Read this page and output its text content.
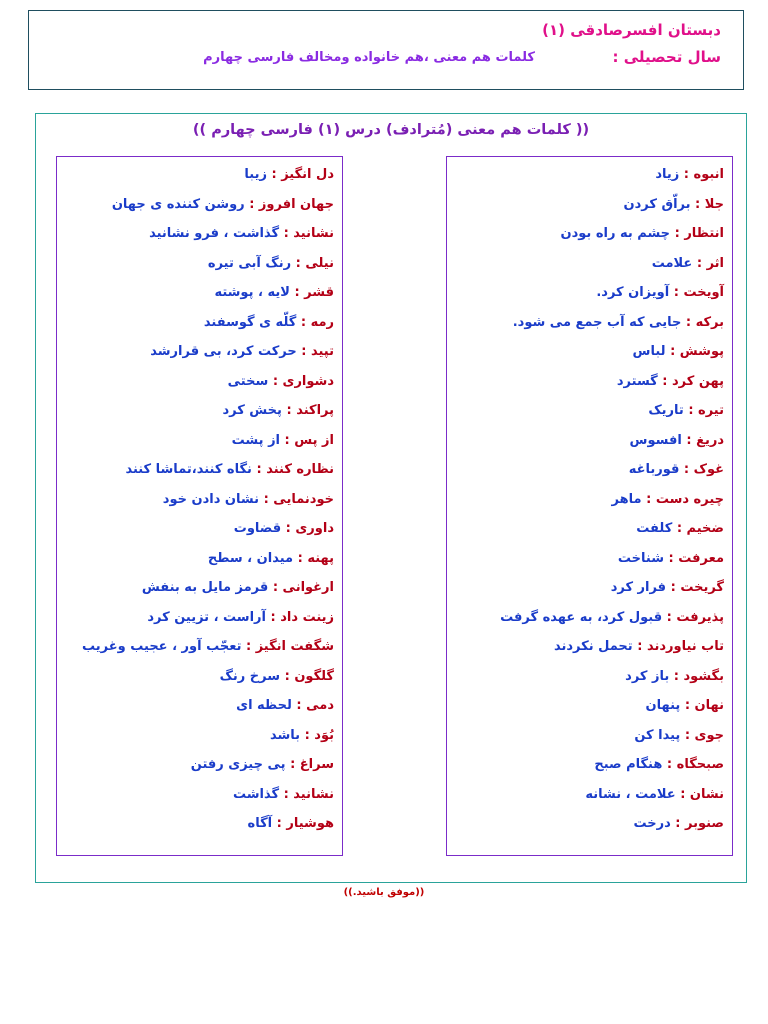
دبستان افسرصادقی (۱)
سال تحصیلی :
کلمات هم معنی ،هم خانواده ومخالف فارسی چهارم
(( کلمات هم معنی (مُترادف) درس (۱) فارسی چهارم ))
انبوه : زیاد
جلا : براّق کردن
انتظار : چشم به راه بودن
اثر : علامت
آویخت : آویزان کرد.
برکه : جایی که آب جمع می شود.
پوشش : لباس
پهن کرد : گسترد
تیره : تاریک
دریغ : افسوس
غوک : قورباغه
چیره دست : ماهر
ضخیم : کلفت
معرفت : شناخت
گریخت : فرار کرد
پذیرفت : قبول کرد، به عهده گرفت
تاب نیاوردند : تحمل نکردند
بگشود : باز کرد
نهان : پنهان
جوی : پیدا کن
صبحگاه : هنگام صبح
نشان : علامت ، نشانه
صنوبر : درخت
دل انگیز : زیبا
جهان افروز : روشن کننده ی جهان
نشانید : گذاشت ، فرو نشانید
نیلی : رنگ آبی تیره
قشر : لایه ، پوشته
رمه : گلّه ی گوسفند
تپید : حرکت کرد، بی قرارشد
دشواری : سختی
پراکند : پخش کرد
از پس : از پشت
نظاره کنند : نگاه کنند،تماشا کنند
خودنمایی : نشان دادن خود
داوری : قضاوت
پهنه : میدان ، سطح
ارغوانی : قرمز مایل به بنفش
زینت داد : آراست ، تزیین کرد
شگفت انگیز : تعجّب آور ، عجیب وغریب
گلگون : سرخ رنگ
دمی : لحظه ای
بُوَد : باشد
سراغ : پی چیزی رفتن
نشانید : گذاشت
هوشیار : آگاه
((موفق باشید.))
